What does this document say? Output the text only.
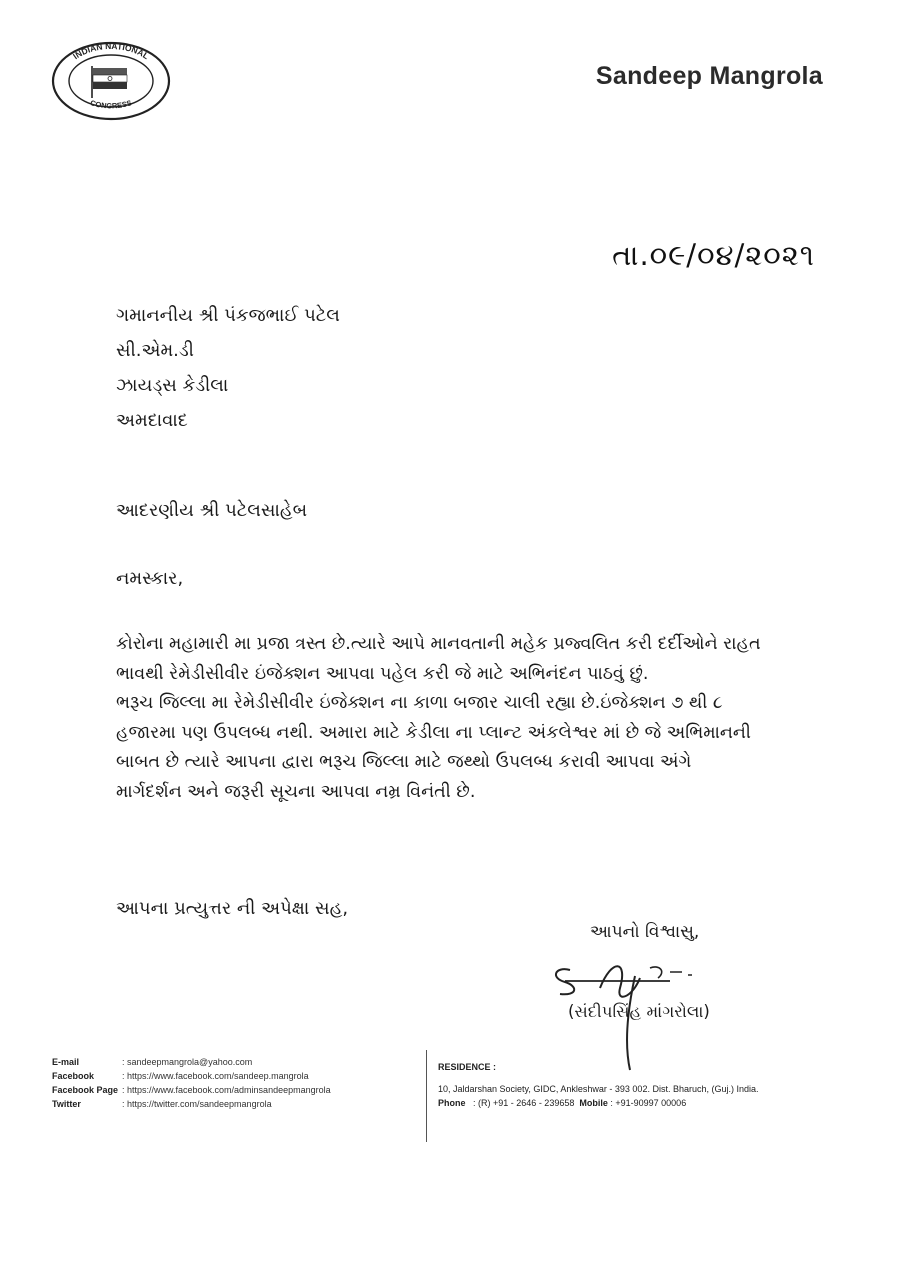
INDIAN NATIONAL
CONGRESS
Sandeep Mangrola
તા.૦૯/૦૪/૨૦૨૧
ગમાનનીય શ્રી પંકજભાઈ પટેલ
સી.એમ.ડી
ઝાયડ્સ કેડીલા
અમદાવાદ
આદરણીય શ્રી પટેલસાહેબ
નમસ્કાર,
કોરોના મહામારી મા પ્રજા ત્રસ્ત છે.ત્યારે આપે માનવતાની મહેક પ્રજ્વલિત કરી દર્દીઓને રાહત
ભાવથી રેમેડીસીવીર ઇંજેક્શન આપવા પહેલ કરી જે માટે અભિનંદન પાઠવું છું.
ભરૂચ જિલ્લા મા રેમેડીસીવીર ઇંજેક્શન ના કાળા બજાર ચાલી રહ્યા છે.ઇંજેક્શન ૭ થી ૮
હજારમા પણ ઉપલબ્ધ નથી. અમારા માટે કેડીલા ના પ્લાન્ટ અંકલેશ્વર માં છે જે અભિમાનની
બાબત છે ત્યારે આપના દ્વારા ભરૂચ જિલ્લા માટે જથ્થો ઉપલબ્ધ કરાવી આપવા અંગે
માર્ગદર્શન અને જરૂરી સૂચના આપવા નમ્ર વિનંતી છે.
આપના પ્રત્યુત્તર ની અપેક્ષા સહ,
આપનો વિશ્વાસુ,
(સંદીપસિંહ માંગરોલા)
E-mail	: sandeepmangrola@yahoo.com
Facebook	: https://www.facebook.com/sandeep.mangrola
Facebook Page : https://www.facebook.com/adminsandeepmangrola
Twitter	: https://twitter.com/sandeepmangrola
RESIDENCE :
10, Jaldarshan Society, GIDC, Ankleshwar - 393 002. Dist. Bharuch, (Guj.) India.
Phone : (R) +91 - 2646 - 239658 Mobile : +91-90997 00006
